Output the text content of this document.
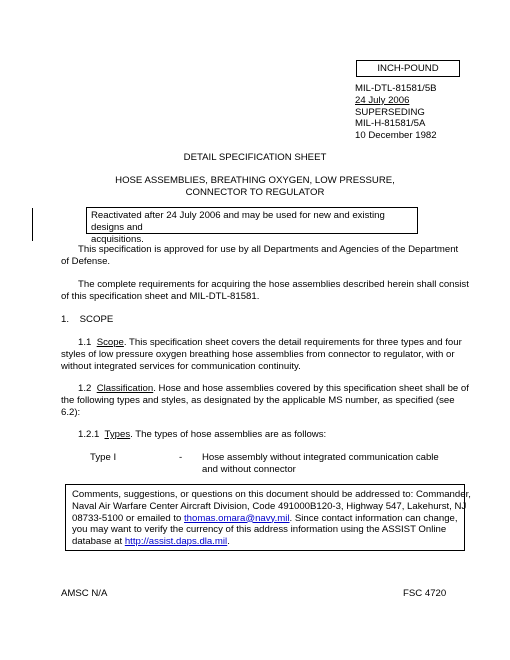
INCH-POUND
MIL-DTL-81581/5B
24 July 2006
SUPERSEDING
MIL-H-81581/5A
10 December 1982
DETAIL SPECIFICATION SHEET
HOSE ASSEMBLIES, BREATHING OXYGEN, LOW PRESSURE,
CONNECTOR TO REGULATOR
Reactivated after 24 July 2006 and may be used for new and existing designs and
acquisitions.
This specification is approved for use by all Departments and Agencies of the Department
of Defense.
The complete requirements for acquiring the hose assemblies described herein shall consist
of this specification sheet and MIL-DTL-81581.
1.    SCOPE
1.1 Scope. This specification sheet covers the detail requirements for three types and four
styles of low pressure oxygen breathing hose assemblies from connector to regulator, with or
without integrated services for communication continuity.
1.2 Classification. Hose and hose assemblies covered by this specification sheet shall be of
the following types and styles, as designated by the applicable MS number, as specified (see
6.2):
1.2.1 Types. The types of hose assemblies are as follows:
Type I	- Hose assembly without integrated communication cable
and without connector
Comments, suggestions, or questions on this document should be addressed to: Commander,
Naval Air Warfare Center Aircraft Division, Code 491000B120-3, Highway 547, Lakehurst, NJ
08733-5100 or emailed to thomas.omara@navy.mil. Since contact information can change,
you may want to verify the currency of this address information using the ASSIST Online
database at http://assist.daps.dla.mil.
AMSC N/A	FSC 4720
